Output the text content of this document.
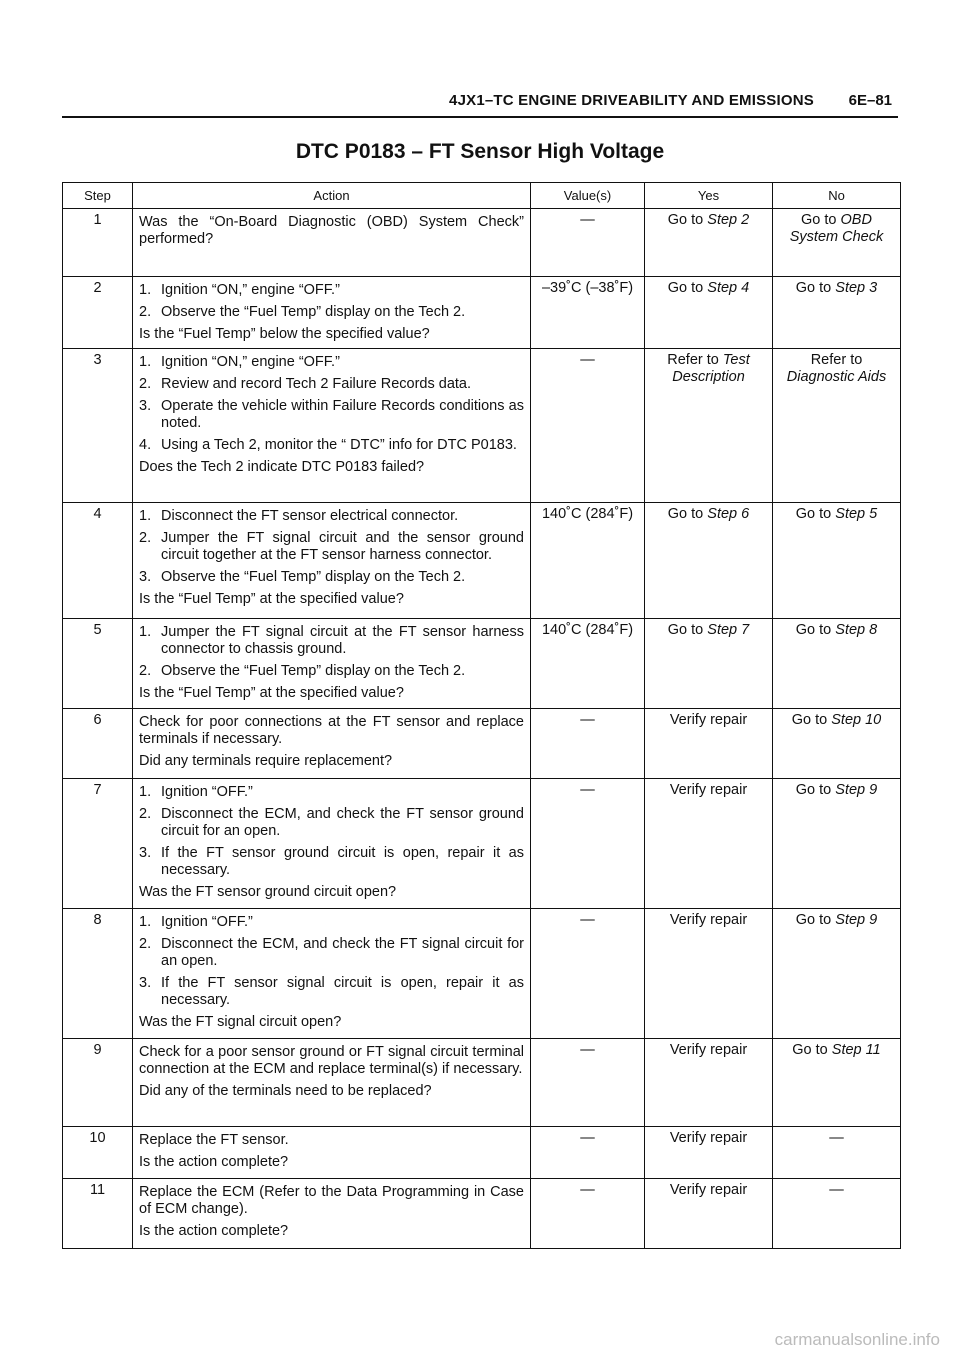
4JX1–TC ENGINE DRIVEABILITY AND EMISSIONS 6E–81
DTC P0183 – FT Sensor High Voltage
Step	Action	Value(s)	Yes	No
1	Was the “On-Board Diagnostic (OBD) System Check” performed?	—	Go to Step 2	Go to OBD System Check
2	1. Ignition “ON,” engine “OFF.”
2. Observe the “Fuel Temp” display on the Tech 2.
Is the “Fuel Temp” below the specified value?	–39˚C (–38˚F)	Go to Step 4	Go to Step 3
3	1. Ignition “ON,” engine “OFF.”
2. Review and record Tech 2 Failure Records data.
3. Operate the vehicle within Failure Records conditions as noted.
4. Using a Tech 2, monitor the “ DTC” info for DTC P0183.
Does the Tech 2 indicate DTC P0183 failed?	—	Refer to Test Description	Refer to Diagnostic Aids
4	1. Disconnect the FT sensor electrical connector.
2. Jumper the FT signal circuit and the sensor ground circuit together at the FT sensor harness connector.
3. Observe the “Fuel Temp” display on the Tech 2.
Is the “Fuel Temp” at the specified value?	140˚C (284˚F)	Go to Step 6	Go to Step 5
5	1. Jumper the FT signal circuit at the FT sensor harness connector to chassis ground.
2. Observe the “Fuel Temp” display on the Tech 2.
Is the “Fuel Temp” at the specified value?	140˚C (284˚F)	Go to Step 7	Go to Step 8
6	Check for poor connections at the FT sensor and replace terminals if necessary.
Did any terminals require replacement?	—	Verify repair	Go to Step 10
7	1. Ignition “OFF.”
2. Disconnect the ECM, and check the FT sensor ground circuit for an open.
3. If the FT sensor ground circuit is open, repair it as necessary.
Was the FT sensor ground circuit open?	—	Verify repair	Go to Step 9
8	1. Ignition “OFF.”
2. Disconnect the ECM, and check the FT signal circuit for an open.
3. If the FT sensor signal circuit is open, repair it as necessary.
Was the FT signal circuit open?	—	Verify repair	Go to Step 9
9	Check for a poor sensor ground or FT signal circuit terminal connection at the ECM and replace terminal(s) if necessary.
Did any of the terminals need to be replaced?	—	Verify repair	Go to Step 11
10	Replace the FT sensor.
Is the action complete?	—	Verify repair	—
11	Replace the ECM (Refer to the Data Programming in Case of ECM change).
Is the action complete?	—	Verify repair	—
carmanualsonline.info
